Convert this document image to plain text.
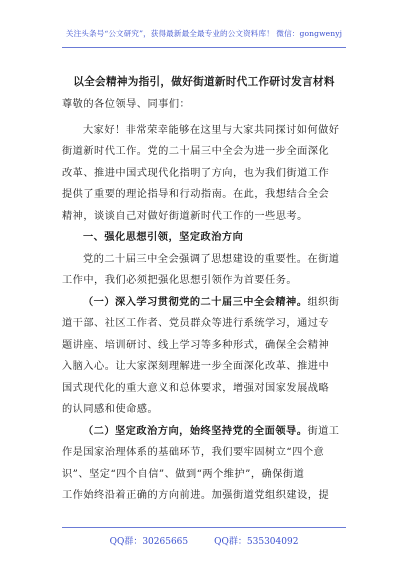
关注头条号“公文研究”，获得最新最全最专业的公文资料库！ 微信：gongwenyj
以全会精神为指引，做好街道新时代工作研讨发言材料
尊敬的各位领导、同事们：
大家好！非常荣幸能够在这里与大家共同探讨如何做好
街道新时代工作。党的二十届三中全会为进一步全面深化
改革、推进中国式现代化指明了方向，也为我们街道工作
提供了重要的理论指导和行动指南。在此，我想结合全会
精神，谈谈自己对做好街道新时代工作的一些思考。
一、强化思想引领，坚定政治方向
党的二十届三中全会强调了思想建设的重要性。在街道
工作中，我们必须把强化思想引领作为首要任务。
（一）深入学习贯彻党的二十届三中全会精神。组织街
道干部、社区工作者、党员群众等进行系统学习，通过专
题讲座、培训研讨、线上学习等多种形式，确保全会精神
入脑入心。让大家深刻理解进一步全面深化改革、推进中
国式现代化的重大意义和总体要求，增强对国家发展战略
的认同感和使命感。
（二）坚定政治方向，始终坚持党的全面领导。街道工
作是国家治理体系的基础环节，我们要牢固树立“四个意
识”、坚定“四个自信”、做到“两个维护”，确保街道
工作始终沿着正确的方向前进。加强街道党组织建设，提
QQ群：30265665	QQ群：535304092
